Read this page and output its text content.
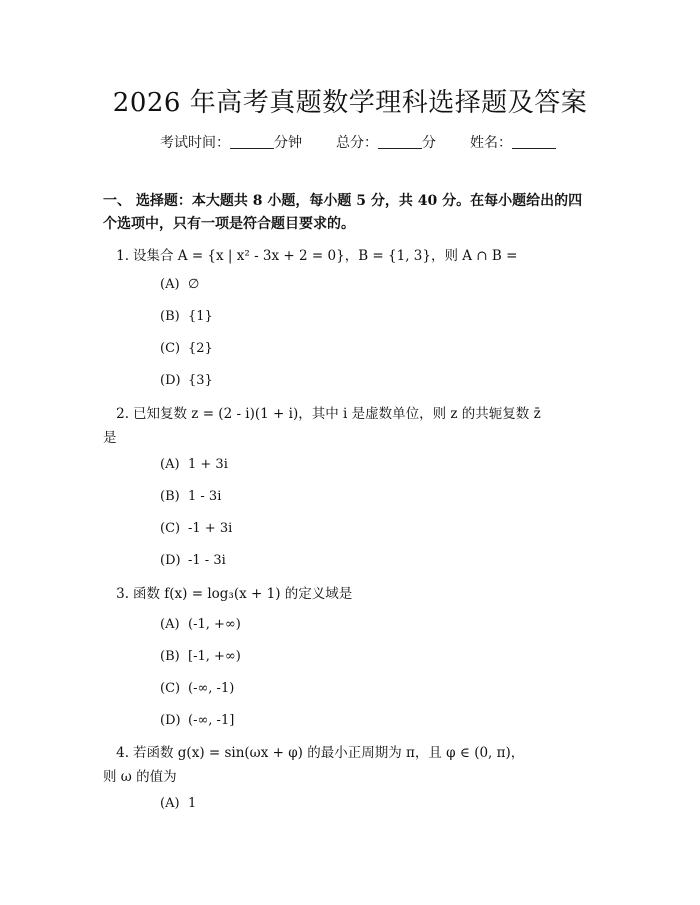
2026 年高考真题数学理科选择题及答案
考试时间：	分钟 总分：	分 姓名：
一、 选择题：本大题共 8 小题，每小题 5 分，共 40 分。在每小题给出的四个选项中，只有一项是符合题目要求的。
1. 设集合 A = {x | x² - 3x + 2 = 0}，B = {1, 3}，则 A ∩ B =
(A) ∅
(B) {1}
(C) {2}
(D) {3}
2. 已知复数 z = (2 - i)(1 + i)，其中 i 是虚数单位，则 z 的共轭复数 z̄
是
(A) 1 + 3i
(B) 1 - 3i
(C) -1 + 3i
(D) -1 - 3i
3. 函数 f(x) = log₃(x + 1) 的定义域是
(A) (-1, +∞)
(B) [-1, +∞)
(C) (-∞, -1)
(D) (-∞, -1]
4. 若函数 g(x) = sin(ωx + φ) 的最小正周期为 π，且 φ ∈ (0, π)，
则 ω 的值为
(A) 1
